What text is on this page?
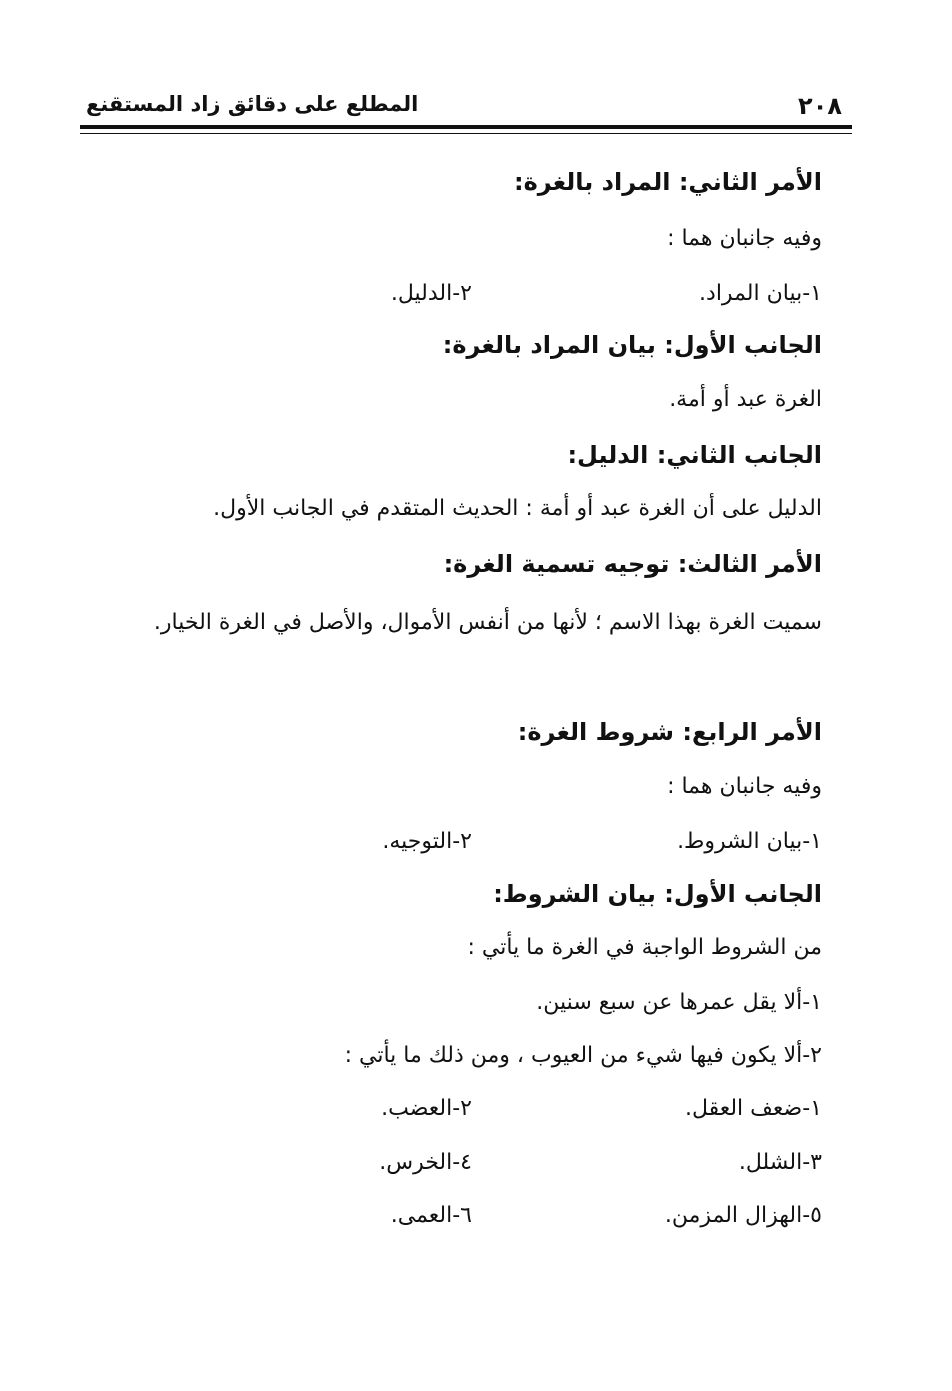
٢٠٨
المطلع على دقائق زاد المستقنع
الأمر الثاني: المراد بالغرة:
وفيه جانبان هما :
١-بيان المراد.
٢-الدليل.
الجانب الأول: بيان المراد بالغرة:
الغرة عبد أو أمة.
الجانب الثاني: الدليل:
الدليل على أن الغرة عبد أو أمة : الحديث المتقدم في الجانب الأول.
الأمر الثالث: توجيه تسمية الغرة:
سميت الغرة بهذا الاسم ؛ لأنها من أنفس الأموال، والأصل في الغرة الخيار.
الأمر الرابع: شروط الغرة:
وفيه جانبان هما :
١-بيان الشروط.
٢-التوجيه.
الجانب الأول: بيان الشروط:
من الشروط الواجبة في الغرة ما يأتي :
١-ألا يقل عمرها عن سبع سنين.
٢-ألا يكون فيها شيء من العيوب ، ومن ذلك ما يأتي :
١-ضعف العقل.
٢-العضب.
٣-الشلل.
٤-الخرس.
٥-الهزال المزمن.
٦-العمى.
